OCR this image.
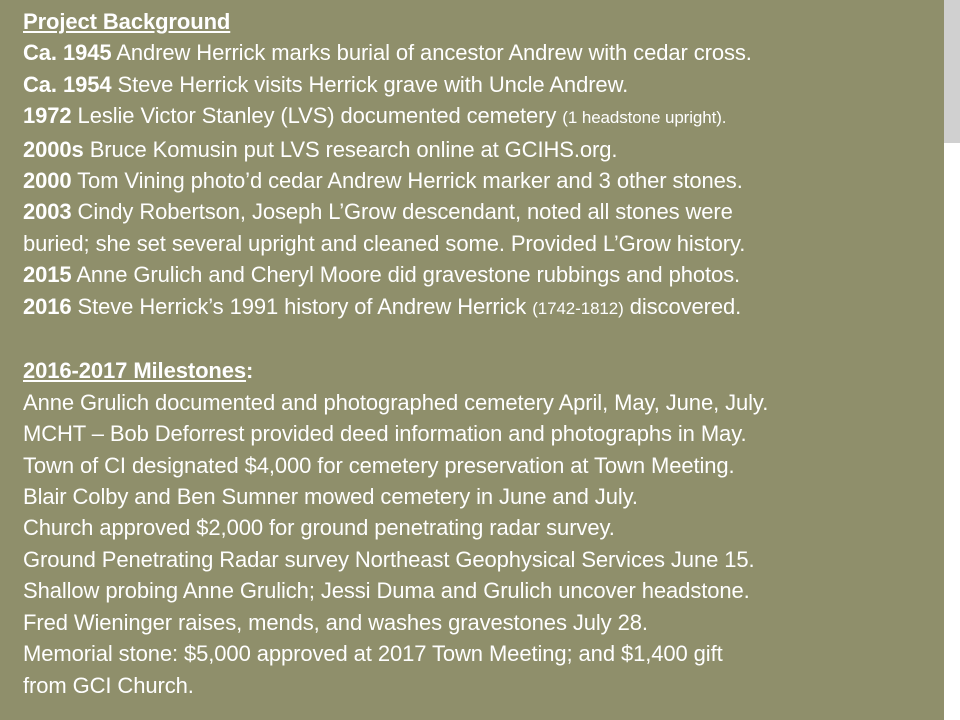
Project Background
Ca. 1945 Andrew Herrick marks burial of ancestor Andrew with cedar cross.
Ca. 1954 Steve Herrick visits Herrick grave with Uncle Andrew.
1972 Leslie Victor Stanley (LVS) documented cemetery (1 headstone upright).
2000s Bruce Komusin put LVS research online at GCIHS.org.
2000 Tom Vining photo’d cedar Andrew Herrick marker and 3 other stones.
2003 Cindy Robertson, Joseph L’Grow descendant, noted all stones were
buried; she set several upright and cleaned some. Provided L’Grow history.
2015 Anne Grulich and Cheryl Moore did gravestone rubbings and photos.
2016 Steve Herrick’s 1991 history of Andrew Herrick (1742-1812) discovered.
2016-2017 Milestones:
Anne Grulich documented and photographed cemetery April, May, June, July.
MCHT – Bob Deforrest provided deed information and photographs in May.
Town of CI designated $4,000 for cemetery preservation at Town Meeting.
Blair Colby and Ben Sumner mowed cemetery in June and July.
Church approved $2,000 for ground penetrating radar survey.
Ground Penetrating Radar survey Northeast Geophysical Services June 15.
Shallow probing Anne Grulich; Jessi Duma and Grulich uncover headstone.
Fred Wieninger raises, mends, and washes gravestones July 28.
Memorial stone: $5,000 approved at 2017 Town Meeting; and $1,400 gift
from GCI Church.
